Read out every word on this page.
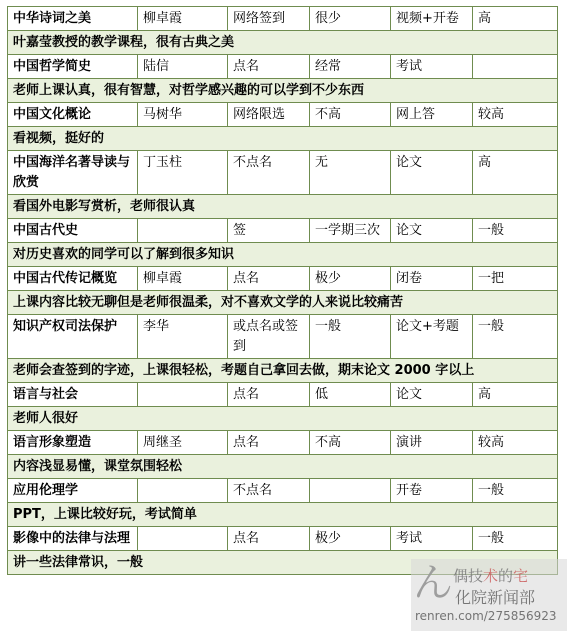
中华诗词之美	柳卓霞	网络签到	很少	视频+开卷	高
叶嘉莹教授的教学课程，很有古典之美					
中国哲学简史	陆信	点名	经常	考试	
老师上课认真，很有智慧，对哲学感兴趣的可以学到不少东西					
中国文化概论	马树华	网络限选	不高	网上答	较高
看视频，挺好的					
中国海洋名著导读与欣赏	丁玉柱	不点名	无	论文	高
看国外电影写赏析，老师很认真					
中国古代史		签	一学期三次	论文	一般
对历史喜欢的同学可以了解到很多知识					
中国古代传记概览	柳卓霞	点名	极少	闭卷	一把
上课内容比较无聊但是老师很温柔，对不喜欢文学的人来说比较痛苦					
知识产权司法保护	李华	或点名或签到	一般	论文+考题	一般
老师会查签到的字迹，上课很轻松，考题自己拿回去做，期末论文 2000 字以上					
语言与社会		点名	低	论文	高
老师人很好					
语言形象塑造	周继圣	点名	不高	演讲	较高
内容浅显易懂，课堂氛围轻松					
应用伦理学		不点名		开卷	一般
PPT，上课比较好玩，考试简单					
影像中的法律与法理		点名	极少	考试	一般
讲一些法律常识，一般						ん 偶技术的宅
化院新闻部
renren.com/275856923
